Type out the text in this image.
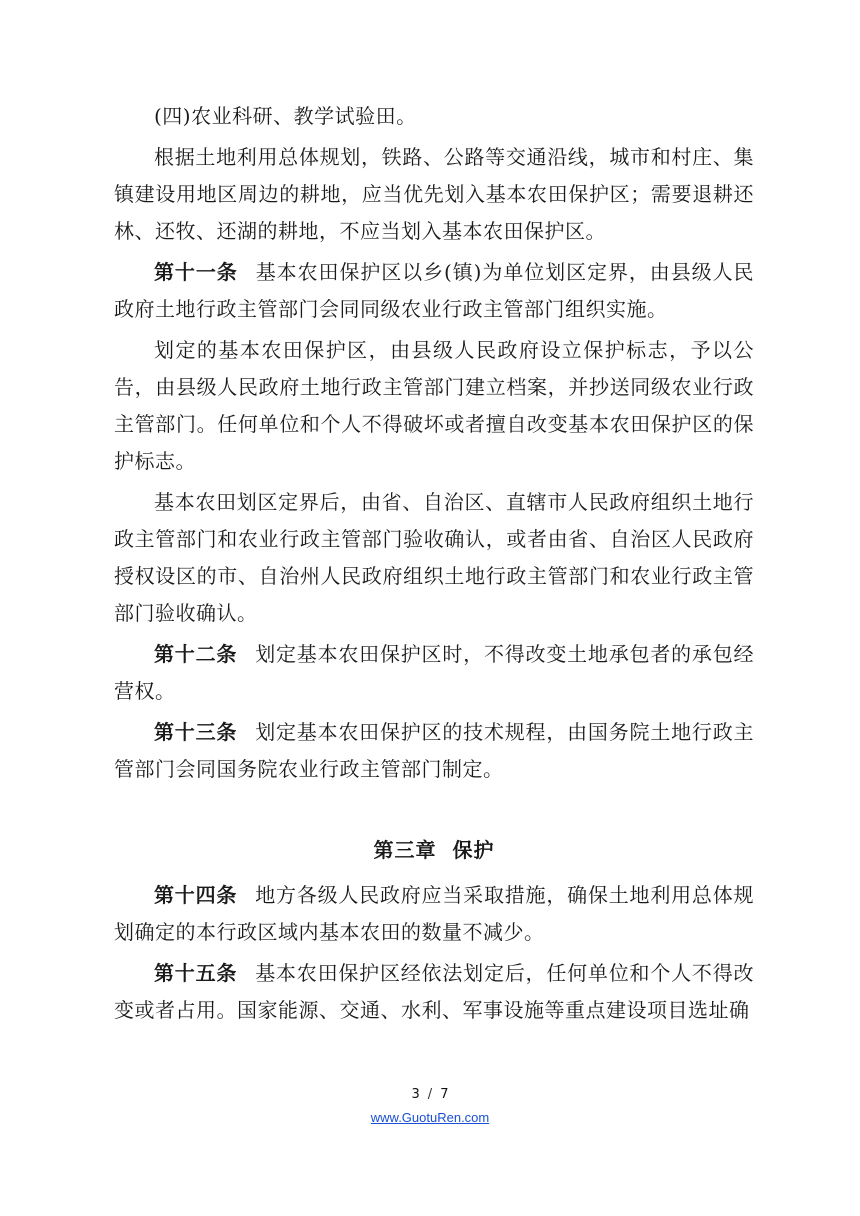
(四)农业科研、教学试验田。

根据土地利用总体规划，铁路、公路等交通沿线，城市和村庄、集镇建设用地区周边的耕地，应当优先划入基本农田保护区；需要退耕还林、还牧、还湖的耕地，不应当划入基本农田保护区。

第十一条 基本农田保护区以乡(镇)为单位划区定界，由县级人民政府土地行政主管部门会同同级农业行政主管部门组织实施。

划定的基本农田保护区，由县级人民政府设立保护标志，予以公告，由县级人民政府土地行政主管部门建立档案，并抄送同级农业行政主管部门。任何单位和个人不得破坏或者擅自改变基本农田保护区的保护标志。

基本农田划区定界后，由省、自治区、直辖市人民政府组织土地行政主管部门和农业行政主管部门验收确认，或者由省、自治区人民政府授权设区的市、自治州人民政府组织土地行政主管部门和农业行政主管部门验收确认。

第十二条 划定基本农田保护区时，不得改变土地承包者的承包经营权。

第十三条 划定基本农田保护区的技术规程，由国务院土地行政主管部门会同国务院农业行政主管部门制定。

第三章 保护

第十四条 地方各级人民政府应当采取措施，确保土地利用总体规划确定的本行政区域内基本农田的数量不减少。

第十五条 基本农田保护区经依法划定后，任何单位和个人不得改变或者占用。国家能源、交通、水利、军事设施等重点建设项目选址确

3 / 7
www.GuotuRen.com
